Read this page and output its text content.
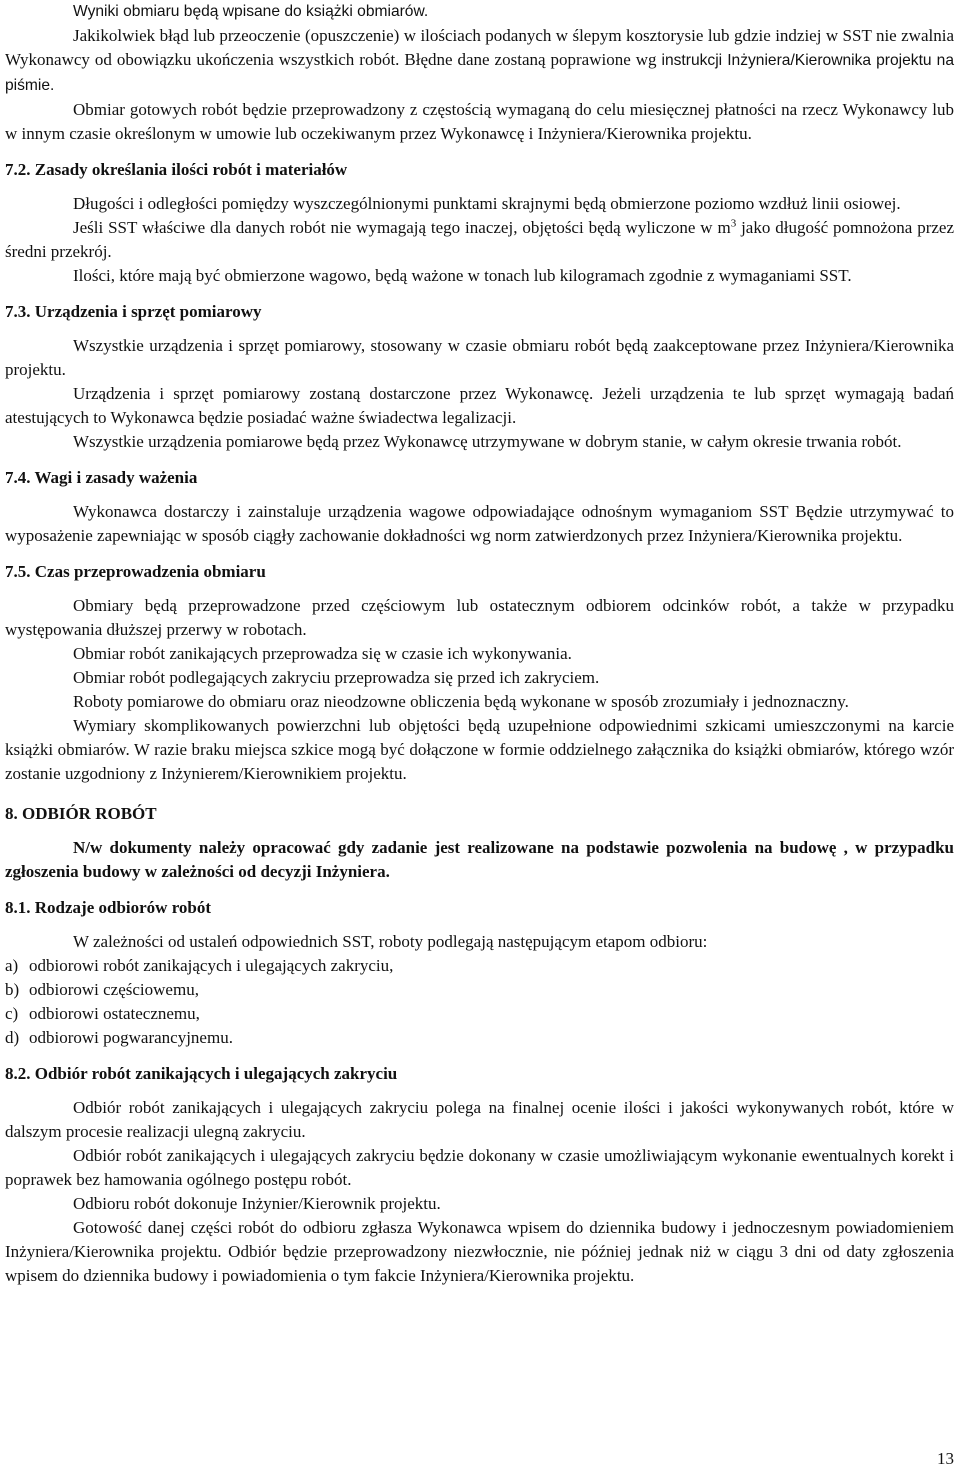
Wyniki obmiaru będą wpisane do książki obmiarów.

Jakikolwiek błąd lub przeoczenie (opuszczenie) w ilościach podanych w ślepym kosztorysie lub gdzie indziej w SST nie zwalnia Wykonawcy od obowiązku ukończenia wszystkich robót. Błędne dane zostaną poprawione wg instrukcji Inżyniera/Kierownika projektu na piśmie.

Obmiar gotowych robót będzie przeprowadzony z częstością wymaganą do celu miesięcznej płatności na rzecz Wykonawcy lub w innym czasie określonym w umowie lub oczekiwanym przez Wykonawcę i Inżyniera/Kierownika projektu.

7.2. Zasady określania ilości robót i materiałów

Długości i odległości pomiędzy wyszczególnionymi punktami skrajnymi będą obmierzone poziomo wzdłuż linii osiowej.

Jeśli SST właściwe dla danych robót nie wymagają tego inaczej, objętości będą wyliczone w $m^3$ jako długość pomnożona przez średni przekrój.

Ilości, które mają być obmierzone wagowo, będą ważone w tonach lub kilogramach zgodnie z wymaganiami SST.

7.3. Urządzenia i sprzęt pomiarowy

Wszystkie urządzenia i sprzęt pomiarowy, stosowany w czasie obmiaru robót będą zaakceptowane przez Inżyniera/Kierownika projektu.

Urządzenia i sprzęt pomiarowy zostaną dostarczone przez Wykonawcę. Jeżeli urządzenia te lub sprzęt wymagają badań atestujących to Wykonawca będzie posiadać ważne świadectwa legalizacji.

Wszystkie urządzenia pomiarowe będą przez Wykonawcę utrzymywane w dobrym stanie, w całym okresie trwania robót.

7.4. Wagi i zasady ważenia

Wykonawca dostarczy i zainstaluje urządzenia wagowe odpowiadające odnośnym wymaganiom SST Będzie utrzymywać to wyposażenie zapewniając w sposób ciągły zachowanie dokładności wg norm zatwierdzonych przez Inżyniera/Kierownika projektu.

7.5. Czas przeprowadzenia obmiaru

Obmiary będą przeprowadzone przed częściowym lub ostatecznym odbiorem odcinków robót, a także w przypadku występowania dłuższej przerwy w robotach.

Obmiar robót zanikających przeprowadza się w czasie ich wykonywania.

Obmiar robót podlegających zakryciu przeprowadza się przed ich zakryciem.

Roboty pomiarowe do obmiaru oraz nieodzowne obliczenia będą wykonane w sposób zrozumiały i jednoznaczny.

Wymiary skomplikowanych powierzchni lub objętości będą uzupełnione odpowiednimi szkicami umieszczonymi na karcie książki obmiarów. W razie braku miejsca szkice mogą być dołączone w formie oddzielnego załącznika do książki obmiarów, którego wzór zostanie uzgodniony z Inżynierem/Kierownikiem projektu.

8. ODBIÓR ROBÓT

N/w dokumenty należy opracować gdy zadanie jest realizowane na podstawie pozwolenia na budowę , w przypadku zgłoszenia budowy w zależności od decyzji Inżyniera.

8.1. Rodzaje odbiorów robót

W zależności od ustaleń odpowiednich SST, roboty podlegają następującym etapom odbioru:

a) odbiorowi robót zanikających i ulegających zakryciu,
b) odbiorowi częściowemu,
c) odbiorowi ostatecznemu,
d) odbiorowi pogwarancyjnemu.
8.2. Odbiór robót zanikających i ulegających zakryciu

Odbiór robót zanikających i ulegających zakryciu polega na finalnej ocenie ilości i jakości wykonywanych robót, które w dalszym procesie realizacji ulegną zakryciu.

Odbiór robót zanikających i ulegających zakryciu będzie dokonany w czasie umożliwiającym wykonanie ewentualnych korekt i poprawek bez hamowania ogólnego postępu robót.

Odbioru robót dokonuje Inżynier/Kierownik projektu.

Gotowość danej części robót do odbioru zgłasza Wykonawca wpisem do dziennika budowy i jednoczesnym powiadomieniem Inżyniera/Kierownika projektu. Odbiór będzie przeprowadzony niezwłocznie, nie później jednak niż w ciągu 3 dni od daty zgłoszenia wpisem do dziennika budowy i powiadomienia o tym fakcie Inżyniera/Kierownika projektu.

13
